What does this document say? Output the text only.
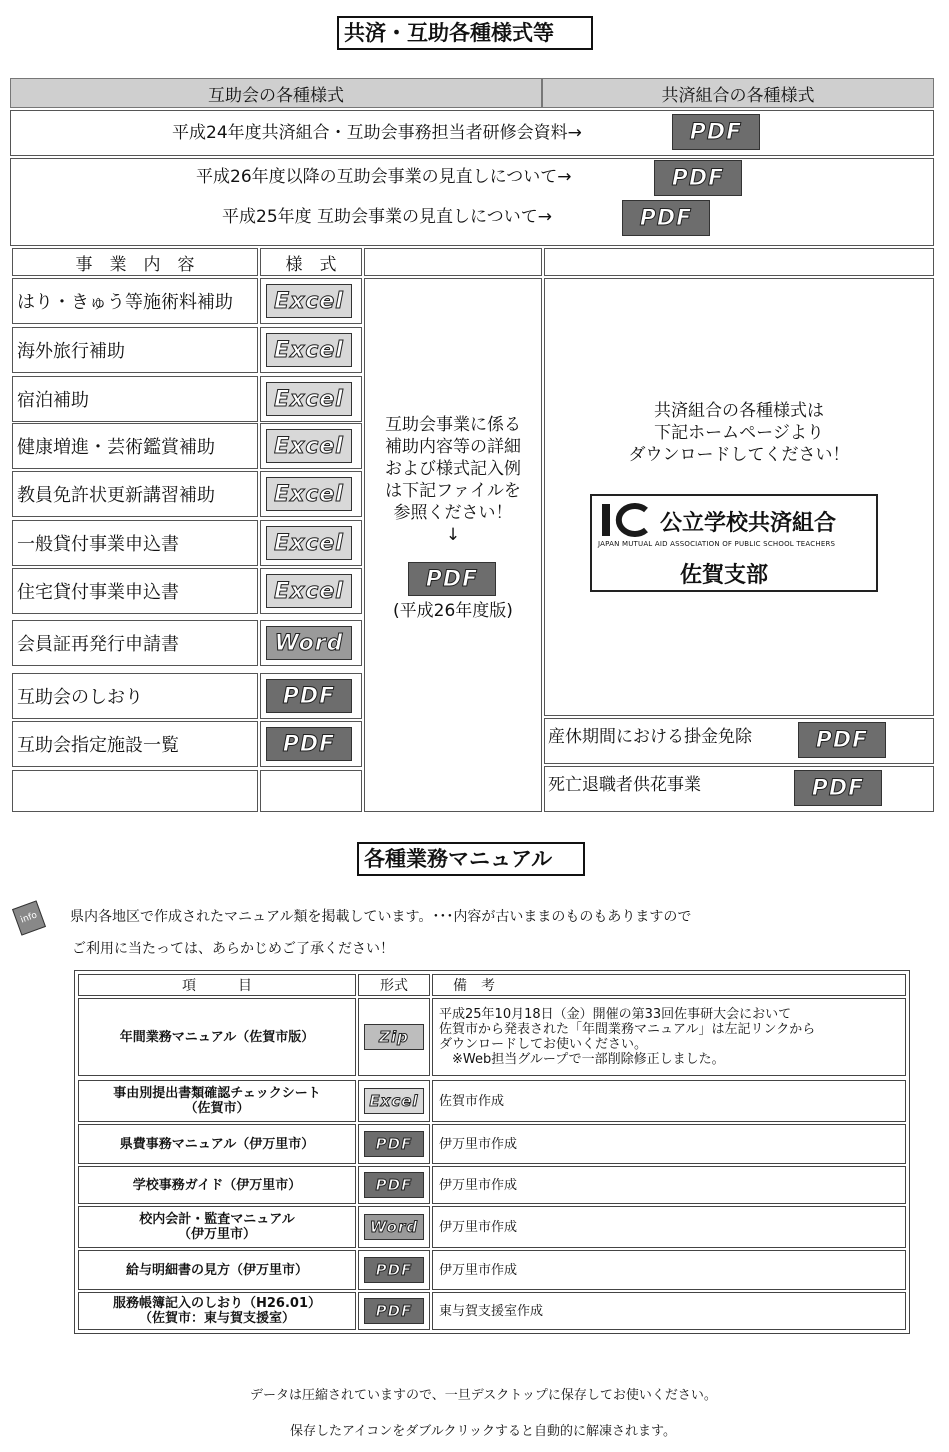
共済・互助各種様式等
互助会の各種様式	共済組合の各種様式
平成24年度共済組合・互助会事務担当者研修会資料→	PDF
平成26年度以降の互助会事業の見直しについて→	PDF
平成25年度 互助会事業の見直しについて→	PDF
事　業　内　容	様　式
はり・きゅう等施術料補助	Excel
海外旅行補助	Excel
宿泊補助	Excel
健康増進・芸術鑑賞補助	Excel
教員免許状更新講習補助	Excel
一般貸付事業申込書	Excel
住宅貸付事業申込書	Excel
会員証再発行申請書	Word
互助会のしおり	PDF
互助会指定施設一覧	PDF
互助会事業に係る
補助内容等の詳細
および様式記入例
は下記ファイルを
参照ください！
↓
PDF
(平成26年度版)
共済組合の各種様式は
下記ホームページより
ダウンロードしてください！
公立学校共済組合
JAPAN MUTUAL AID ASSOCIATION OF PUBLIC SCHOOL TEACHERS
佐賀支部
産休期間における掛金免除	PDF
死亡退職者供花事業	PDF
各種業務マニュアル
info	県内各地区で作成されたマニュアル類を掲載しています。･･･内容が古いままのものもありますので
ご利用に当たっては、あらかじめご了承ください！
項　　　目	形式	備　考
年間業務マニュアル（佐賀市版）	Zip
平成25年10月18日（金）開催の第33回佐事研大会において
佐賀市から発表された「年間業務マニュアル」は左記リンクから
ダウンロードしてお使いください。
　※Web担当グループで一部削除修正しました。
事由別提出書類確認チェックシート
（佐賀市）	Excel	佐賀市作成
県費事務マニュアル（伊万里市）	PDF	伊万里市作成
学校事務ガイド（伊万里市）	PDF	伊万里市作成
校内会計・監査マニュアル
（伊万里市）	Word	伊万里市作成
給与明細書の見方（伊万里市）	PDF	伊万里市作成
服務帳簿記入のしおり（H26.01）
（佐賀市：東与賀支援室）	PDF	東与賀支援室作成
データは圧縮されていますので、一旦デスクトップに保存してお使いください。
保存したアイコンをダブルクリックすると自動的に解凍されます。
